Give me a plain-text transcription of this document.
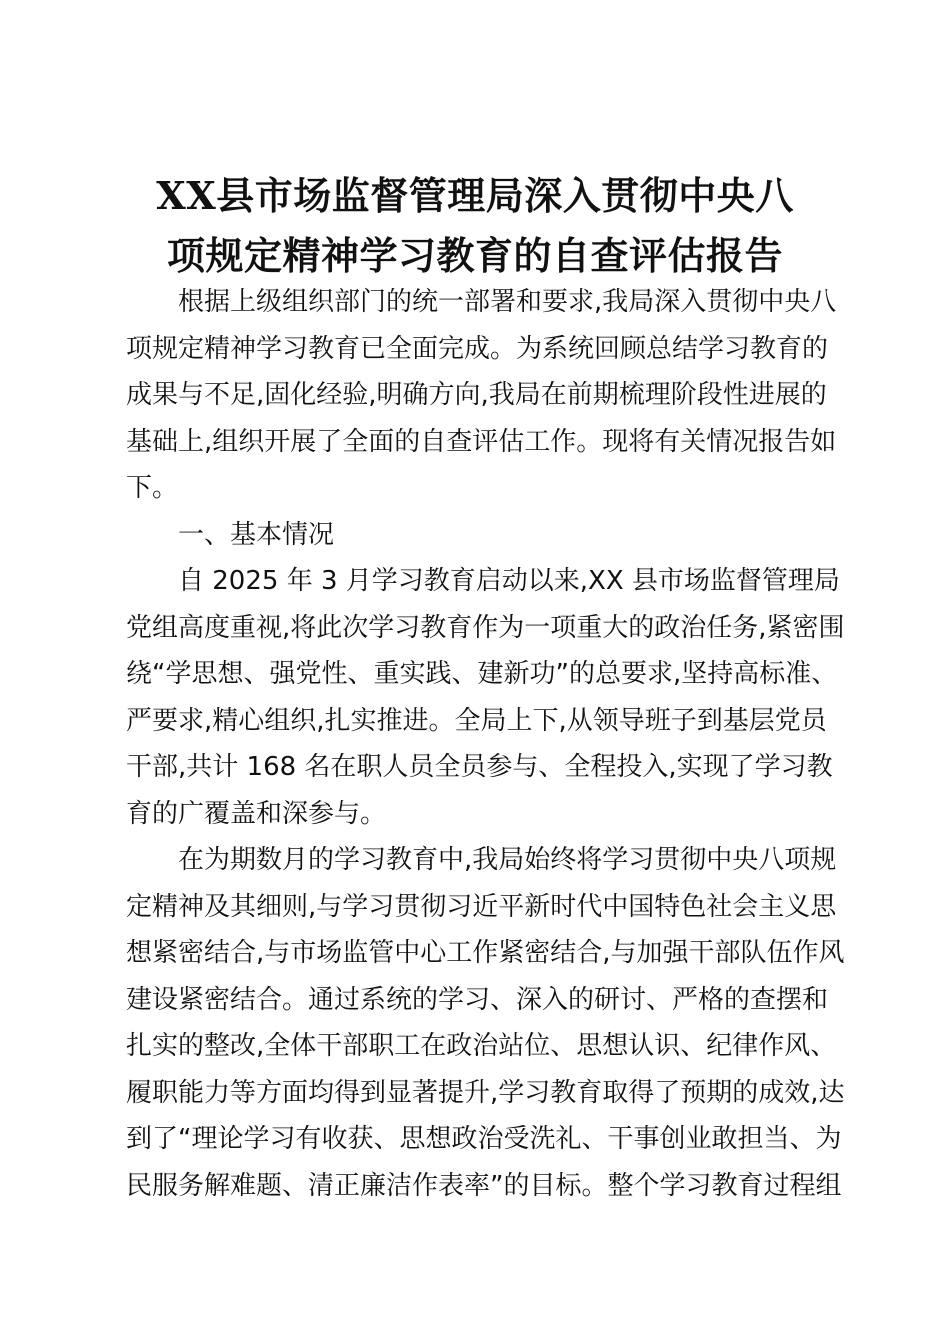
XX县市场监督管理局深入贯彻中央八
项规定精神学习教育的自查评估报告
根据上级组织部门的统一部署和要求,我局深入贯彻中央八
项规定精神学习教育已全面完成。为系统回顾总结学习教育的
成果与不足,固化经验,明确方向,我局在前期梳理阶段性进展的
基础上,组织开展了全面的自查评估工作。现将有关情况报告如
下。
一、基本情况
自 2025 年 3 月学习教育启动以来,XX 县市场监督管理局
党组高度重视,将此次学习教育作为一项重大的政治任务,紧密围
绕“学思想、强党性、重实践、建新功”的总要求,坚持高标准、
严要求,精心组织,扎实推进。全局上下,从领导班子到基层党员
干部,共计 168 名在职人员全员参与、全程投入,实现了学习教
育的广覆盖和深参与。
在为期数月的学习教育中,我局始终将学习贯彻中央八项规
定精神及其细则,与学习贯彻习近平新时代中国特色社会主义思
想紧密结合,与市场监管中心工作紧密结合,与加强干部队伍作风
建设紧密结合。通过系统的学习、深入的研讨、严格的查摆和
扎实的整改,全体干部职工在政治站位、思想认识、纪律作风、
履职能力等方面均得到显著提升,学习教育取得了预期的成效,达
到了“理论学习有收获、思想政治受洗礼、干事创业敢担当、为
民服务解难题、清正廉洁作表率”的目标。整个学习教育过程组
